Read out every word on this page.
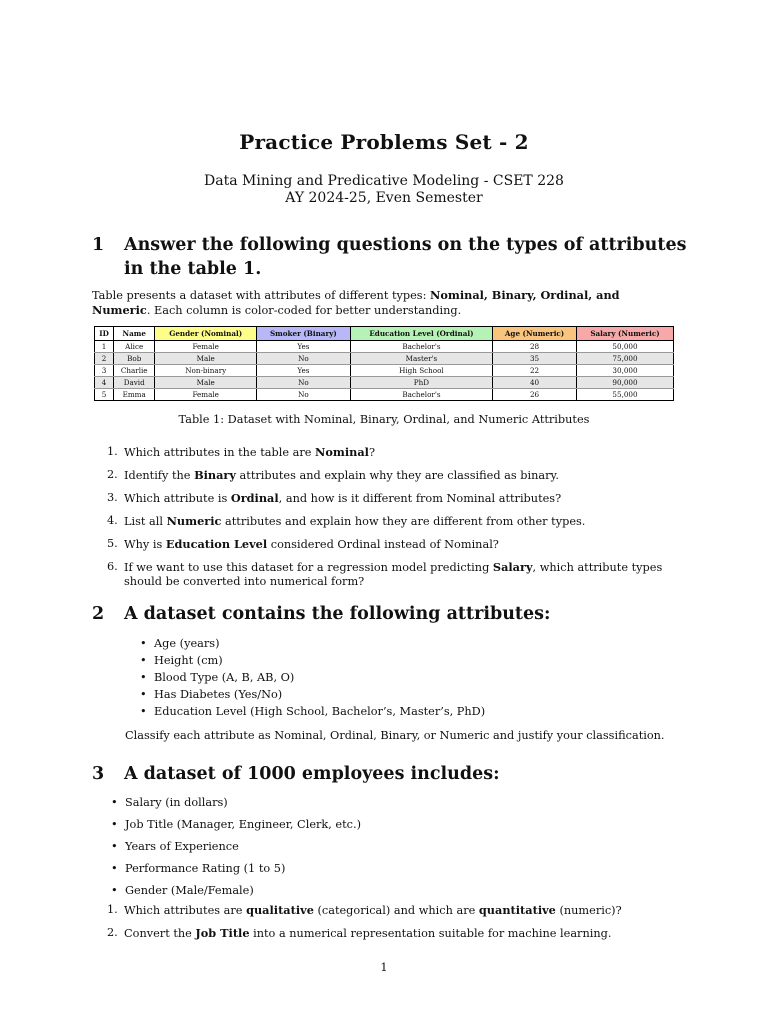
Practice Problems Set - 2
Data Mining and Predicative Modeling - CSET 228
AY 2024-25, Even Semester
1 Answer the following questions on the types of attributes in the table 1.
Table presents a dataset with attributes of different types: Nominal, Binary, Ordinal, and Numeric. Each column is color-coded for better understanding.
ID	Name	Gender (Nominal)	Smoker (Binary)	Education Level (Ordinal)	Age (Numeric)	Salary (Numeric)
1	Alice	Female	Yes	Bachelor's	28	50,000
2	Bob	Male	No	Master's	35	75,000
3	Charlie	Non-binary	Yes	High School	22	30,000
4	David	Male	No	PhD	40	90,000
5	Emma	Female	No	Bachelor's	26	55,000
Table 1: Dataset with Nominal, Binary, Ordinal, and Numeric Attributes
1. Which attributes in the table are Nominal?
2. Identify the Binary attributes and explain why they are classified as binary.
3. Which attribute is Ordinal, and how is it different from Nominal attributes?
4. List all Numeric attributes and explain how they are different from other types.
5. Why is Education Level considered Ordinal instead of Nominal?
6. If we want to use this dataset for a regression model predicting Salary, which attribute types should be converted into numerical form?
2 A dataset contains the following attributes:
• Age (years)
• Height (cm)
• Blood Type (A, B, AB, O)
• Has Diabetes (Yes/No)
• Education Level (High School, Bachelor’s, Master’s, PhD)
Classify each attribute as Nominal, Ordinal, Binary, or Numeric and justify your classification.
3 A dataset of 1000 employees includes:
• Salary (in dollars)
• Job Title (Manager, Engineer, Clerk, etc.)
• Years of Experience
• Performance Rating (1 to 5)
• Gender (Male/Female)
1. Which attributes are qualitative (categorical) and which are quantitative (numeric)?
2. Convert the Job Title into a numerical representation suitable for machine learning.
1
